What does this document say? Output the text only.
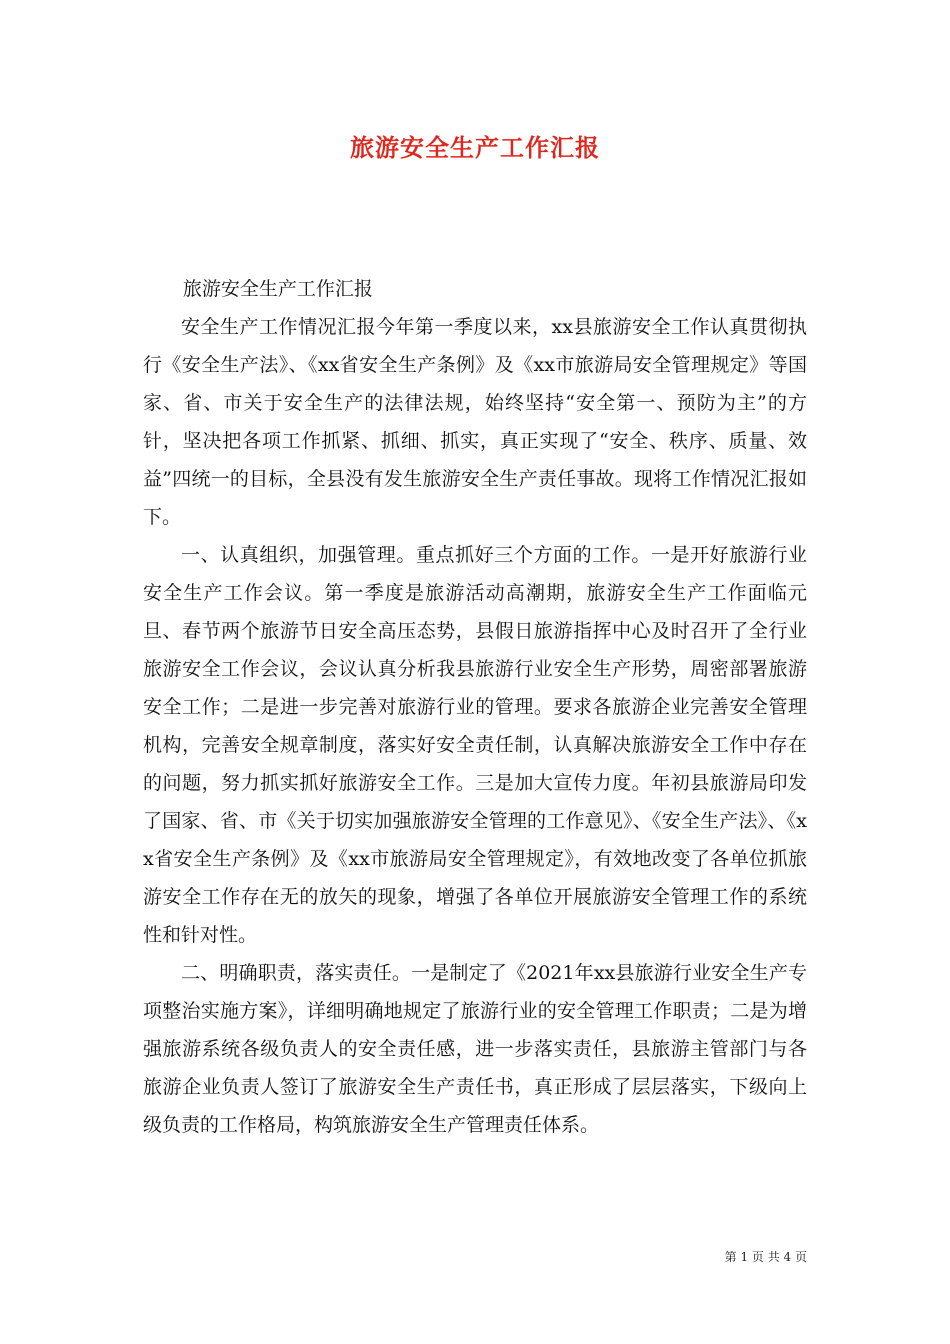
旅游安全生产工作汇报

旅游安全生产工作汇报

安全生产工作情况汇报今年第一季度以来，xx县旅游安全工作认真贯彻执行《安全生产法》、《xx省安全生产条例》及《xx市旅游局安全管理规定》等国家、省、市关于安全生产的法律法规，始终坚持“安全第一、预防为主”的方针，坚决把各项工作抓紧、抓细、抓实，真正实现了“安全、秩序、质量、效益”四统一的目标，全县没有发生旅游安全生产责任事故。现将工作情况汇报如下。

一、认真组织，加强管理。重点抓好三个方面的工作。一是开好旅游行业安全生产工作会议。第一季度是旅游活动高潮期，旅游安全生产工作面临元旦、春节两个旅游节日安全高压态势，县假日旅游指挥中心及时召开了全行业旅游安全工作会议，会议认真分析我县旅游行业安全生产形势，周密部署旅游安全工作；二是进一步完善对旅游行业的管理。要求各旅游企业完善安全管理机构，完善安全规章制度，落实好安全责任制，认真解决旅游安全工作中存在的问题，努力抓实抓好旅游安全工作。三是加大宣传力度。年初县旅游局印发了国家、省、市《关于切实加强旅游安全管理的工作意见》、《安全生产法》、《xx省安全生产条例》及《xx市旅游局安全管理规定》，有效地改变了各单位抓旅游安全工作存在无的放矢的现象，增强了各单位开展旅游安全管理工作的系统性和针对性。

二、明确职责，落实责任。一是制定了《2021年xx县旅游行业安全生产专项整治实施方案》，详细明确地规定了旅游行业的安全管理工作职责；二是为增强旅游系统各级负责人的安全责任感，进一步落实责任，县旅游主管部门与各旅游企业负责人签订了旅游安全生产责任书，真正形成了层层落实，下级向上级负责的工作格局，构筑旅游安全生产管理责任体系。

第 1 页 共 4 页
